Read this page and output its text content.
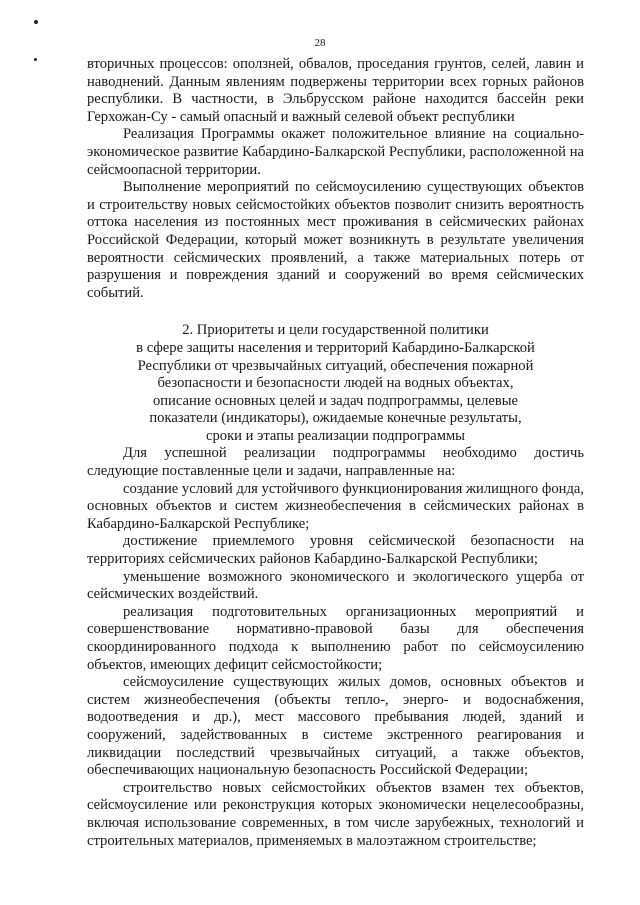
28

вторичных процессов: оползней, обвалов, проседания грунтов, селей, лавин и наводнений. Данным явлениям подвержены территории всех горных районов республики. В частности, в Эльбрусском районе находится бассейн реки Герхожан-Су - самый опасный и важный селевой объект республики

Реализация Программы окажет положительное влияние на социально-экономическое развитие Кабардино-Балкарской Республики, расположенной на сейсмоопасной территории.

Выполнение мероприятий по сейсмоусилению существующих объектов и строительству новых сейсмостойких объектов позволит снизить вероятность оттока населения из постоянных мест проживания в сейсмических районах Российской Федерации, который может возникнуть в результате увеличения вероятности сейсмических проявлений, а также материальных потерь от разрушения и повреждения зданий и сооружений во время сейсмических событий.

2. Приоритеты и цели государственной политики
в сфере защиты населения и территорий Кабардино-Балкарской
Республики от чрезвычайных ситуаций, обеспечения пожарной
безопасности и безопасности людей на водных объектах,
описание основных целей и задач подпрограммы, целевые
показатели (индикаторы), ожидаемые конечные результаты,
сроки и этапы реализации подпрограммы

Для успешной реализации подпрограммы необходимо достичь следующие поставленные цели и задачи, направленные на:

создание условий для устойчивого функционирования жилищного фонда, основных объектов и систем жизнеобеспечения в сейсмических районах в Кабардино-Балкарской Республике;

достижение приемлемого уровня сейсмической безопасности на территориях сейсмических районов Кабардино-Балкарской Республики;

уменьшение возможного экономического и экологического ущерба от сейсмических воздействий.

реализация подготовительных организационных мероприятий и совершенствование нормативно-правовой базы для обеспечения скоординированного подхода к выполнению работ по сейсмоусилению объектов, имеющих дефицит сейсмостойкости;

сейсмоусиление существующих жилых домов, основных объектов и систем жизнеобеспечения (объекты тепло-, энерго- и водоснабжения, водоотведения и др.), мест массового пребывания людей, зданий и сооружений, задействованных в системе экстренного реагирования и ликвидации последствий чрезвычайных ситуаций, а также объектов, обеспечивающих национальную безопасность Российской Федерации;

строительство новых сейсмостойких объектов взамен тех объектов, сейсмоусиление или реконструкция которых экономически нецелесообразны, включая использование современных, в том числе зарубежных, технологий и строительных материалов, применяемых в малоэтажном строительстве;
